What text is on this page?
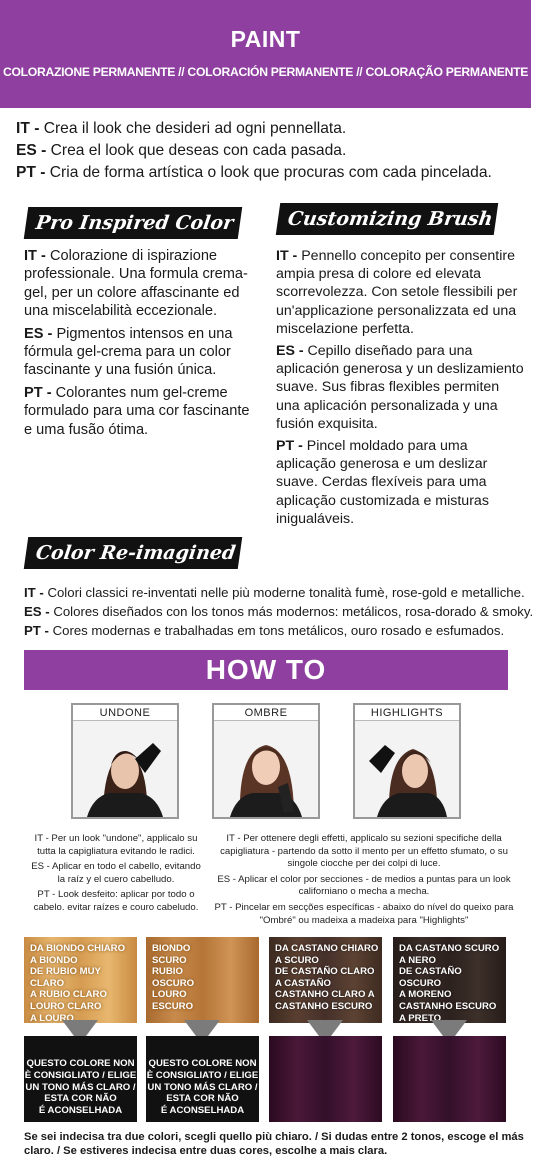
PAINT
COLORAZIONE PERMANENTE // COLORACIÓN PERMANENTE // COLORAÇÃO PERMANENTE
IT - Crea il look che desideri ad ogni pennellata.
ES - Crea el look que deseas con cada pasada.
PT - Cria de forma artística o look que procuras com cada pincelada.
Pro Inspired Color

IT - Colorazione di ispirazione professionale. Una formula crema-gel, per un colore affascinante ed una miscelabilità eccezionale.

ES - Pigmentos intensos en una fórmula gel-crema para un color fascinante y una fusión única.

PT - Colorantes num gel-creme formulado para uma cor fascinante e uma fusão ótima.

Customizing Brush

IT - Pennello concepito per consentire ampia presa di colore ed elevata scorrevolezza. Con setole flessibili per un'applicazione personalizzata ed una miscelazione perfetta.

ES - Cepillo diseñado para una aplicación generosa y un deslizamiento suave. Sus fibras flexibles permiten una aplicación personalizada y una fusión exquisita.

PT - Pincel moldado para uma aplicação generosa e um deslizar suave. Cerdas flexíveis para uma aplicação customizada e misturas inigualáveis.

Color Re-imagined
IT - Colori classici re-inventati nelle più moderne tonalità fumè, rose-gold e metalliche.
ES - Colores diseñados con los tonos más modernos: metálicos, rosa-dorado & smoky.
PT - Cores modernas e trabalhadas em tons metálicos, ouro rosado e esfumados.
HOW TO
UNDONE	OMBRE	HIGHLIGHTS

IT - Per un look "undone", applicalo su tutta la capigliatura evitando le radici.

ES - Aplicar en todo el cabello, evitando la raíz y el cuero cabelludo.

PT - Look desfeito: aplicar por todo o cabelo. evitar raízes e couro cabeludo.

IT - Per ottenere degli effetti, applicalo su sezioni specifiche della capigliatura - partendo da sotto il mento per un effetto sfumato, o su singole ciocche per dei colpi di luce.

ES - Aplicar el color por secciones - de medios a puntas para un look californiano o mecha a mecha.

PT - Pincelar em secções específicas - abaixo do nível do queixo para "Ombré" ou madeixa a madeixa para "Highlights"

DA BIONDO CHIARO
A BIONDO
DE RUBIO MUY CLARO
A RUBIO CLARO
LOURO CLARO
A LOURO
BIONDO
SCURO
RUBIO
OSCURO
LOURO
ESCURO
DA CASTANO CHIARO
A SCURO
DE CASTAÑO CLARO
A CASTAÑO
CASTANHO CLARO A
CASTANHO ESCURO
DA CASTANO SCURO
A NERO
DE CASTAÑO OSCURO
A MORENO
CASTANHO ESCURO
A PRETO
QUESTO COLORE NON
È CONSIGLIATO / ELIGE
UN TONO MÁS CLARO /
ESTA COR NÃO
É ACONSELHADA
QUESTO COLORE NON
È CONSIGLIATO / ELIGE
UN TONO MÁS CLARO /
ESTA COR NÃO
É ACONSELHADA
Se sei indecisa tra due colori, scegli quello più chiaro. / Si dudas entre 2 tonos, escoge el más claro. / Se estiveres indecisa entre duas cores, escolhe a mais clara.
